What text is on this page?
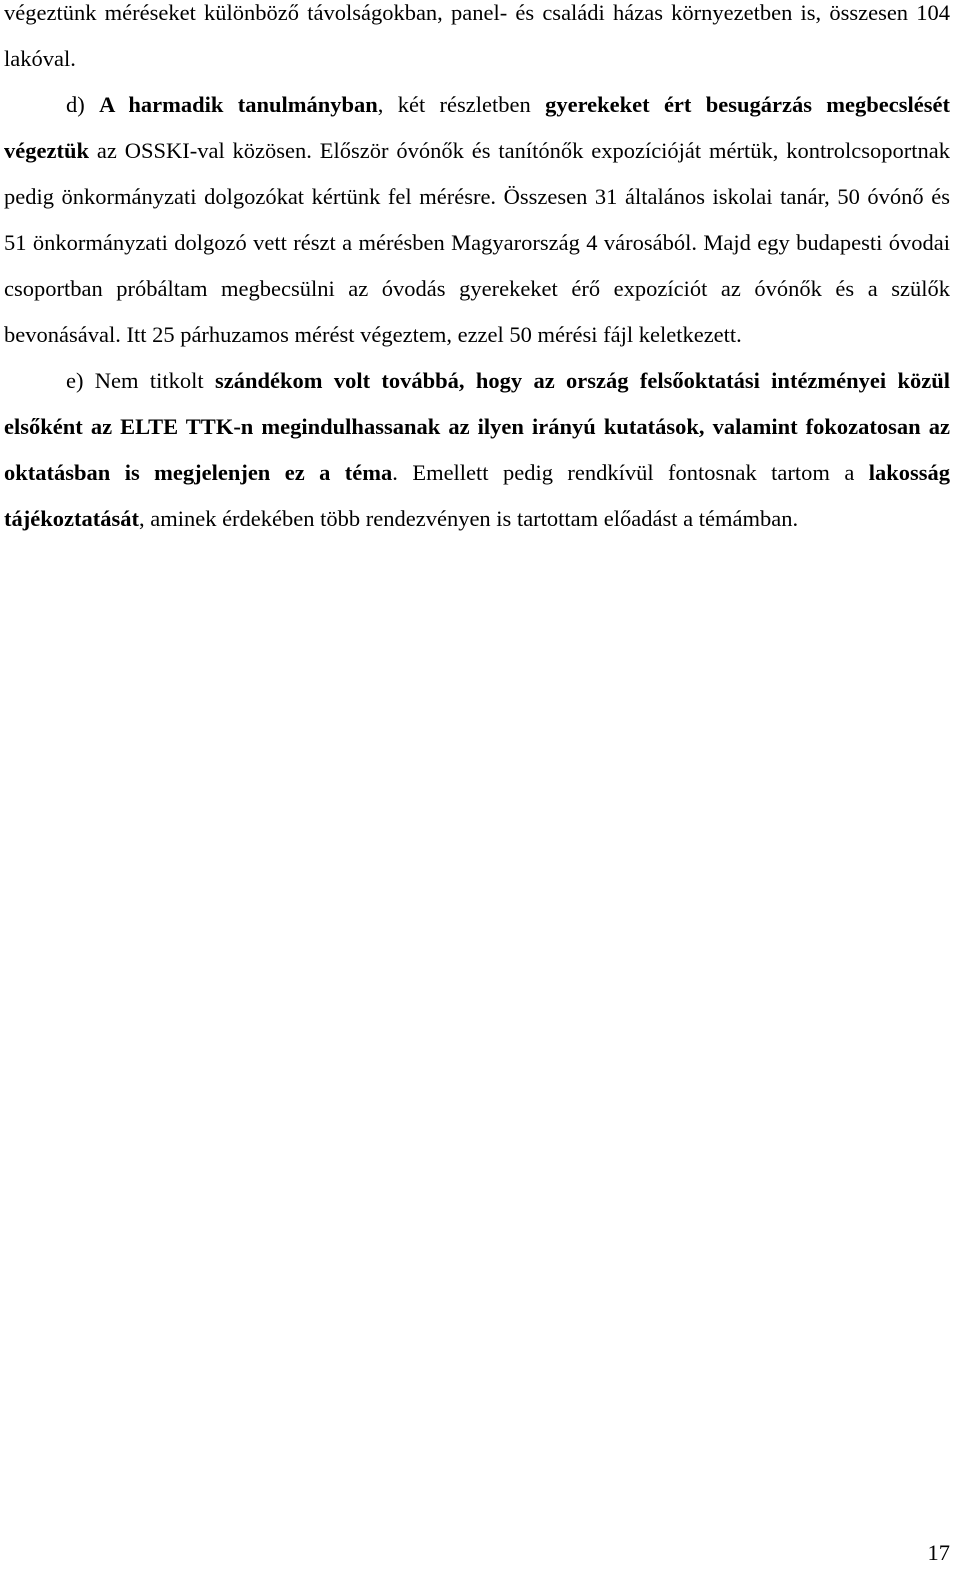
végeztünk méréseket különböző távolságokban, panel- és családi házas környezetben is, összesen 104 lakóval.

d) A harmadik tanulmányban, két részletben gyerekeket ért besugárzás megbecslését végeztük az OSSKI-val közösen. Először óvónők és tanítónők expozícióját mértük, kontrolcsoportnak pedig önkormányzati dolgozókat kértünk fel mérésre. Összesen 31 általános iskolai tanár, 50 óvónő és 51 önkormányzati dolgozó vett részt a mérésben Magyarország 4 városából. Majd egy budapesti óvodai csoportban próbáltam megbecsülni az óvodás gyerekeket érő expozíciót az óvónők és a szülők bevonásával. Itt 25 párhuzamos mérést végeztem, ezzel 50 mérési fájl keletkezett.

e) Nem titkolt szándékom volt továbbá, hogy az ország felsőoktatási intézményei közül elsőként az ELTE TTK-n megindulhassanak az ilyen irányú kutatások, valamint fokozatosan az oktatásban is megjelenjen ez a téma. Emellett pedig rendkívül fontosnak tartom a lakosság tájékoztatását, aminek érdekében több rendezvényen is tartottam előadást a témámban.

17
